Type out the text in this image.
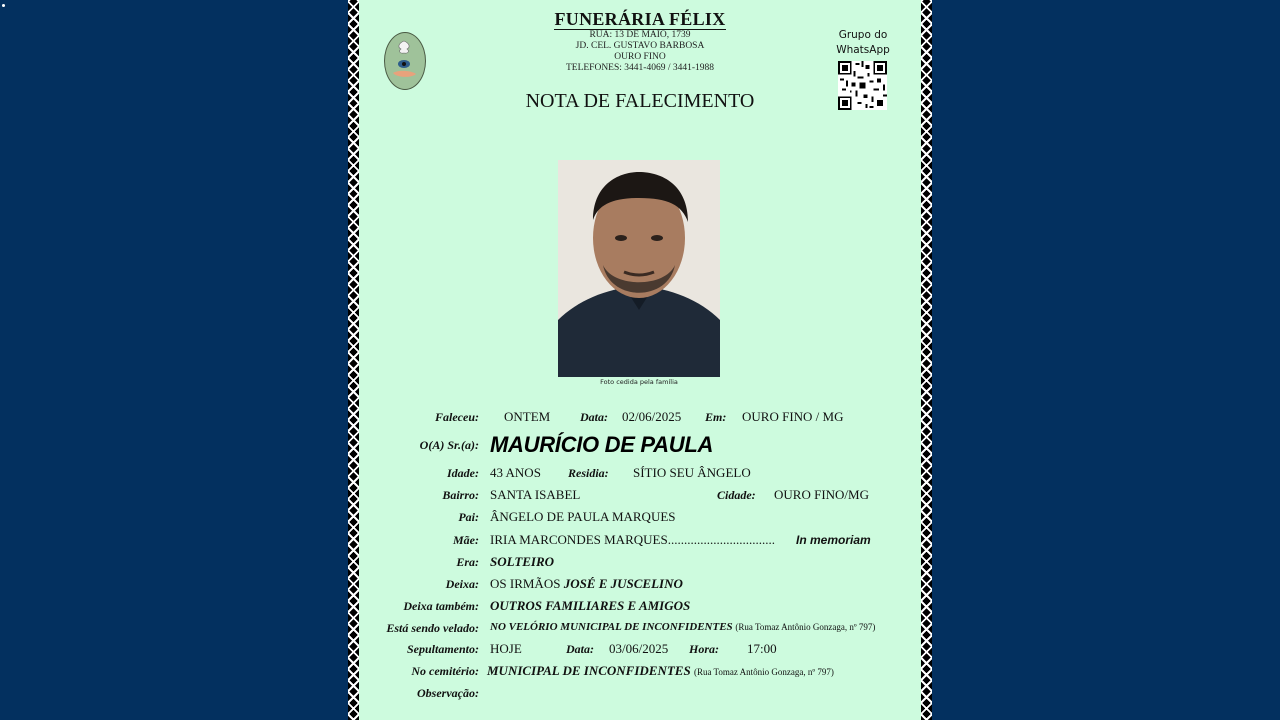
FUNERÁRIA FÉLIX
RUA: 13 DE MAIO, 1739
JD. CEL. GUSTAVO BARBOSA
OURO FINO
TELEFONES: 3441-4069 / 3441-1988
NOTA DE FALECIMENTO
Grupo do
WhatsApp
Foto cedida pela família
Faleceu: ONTEM Data: 02/06/2025 Em: OURO FINO / MG
O(A) Sr.(a): MAURÍCIO DE PAULA
Idade: 43 ANOS Residia: SÍTIO SEU ÂNGELO
Bairro: SANTA ISABEL	Cidade: OURO FINO/MG
Pai: ÂNGELO DE PAULA MARQUES
Mãe: IRIA MARCONDES MARQUES................................. In memoriam
Era: SOLTEIRO
Deixa: OS IRMÃOS JOSÉ E JUSCELINO
Deixa também: OUTROS FAMILIARES E AMIGOS
Está sendo velado: NO VELÓRIO MUNICIPAL DE INCONFIDENTES (Rua Tomaz Antônio Gonzaga, nº 797)
Sepultamento: HOJE	Data: 03/06/2025 Hora: 17:00
No cemitério: MUNICIPAL DE INCONFIDENTES (Rua Tomaz Antônio Gonzaga, nº 797)
Observação:
